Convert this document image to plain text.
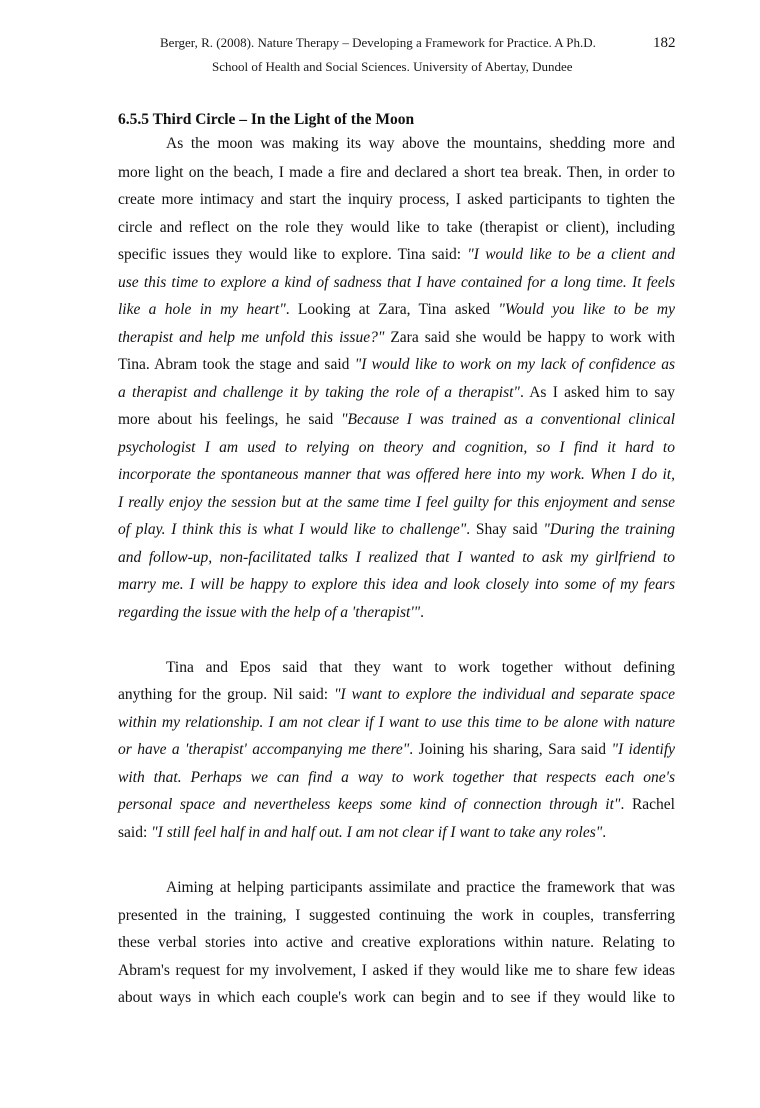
Berger, R. (2008). Nature Therapy – Developing a Framework for Practice. A Ph.D.	182
School of Health and Social Sciences. University of Abertay, Dundee
6.5.5 Third Circle – In the Light of the Moon
As the moon was making its way above the mountains, shedding more and
more light on the beach, I made a fire and declared a short tea break. Then, in order to
create more intimacy and start the inquiry process, I asked participants to tighten the
circle and reflect on the role they would like to take (therapist or client), including
specific issues they would like to explore. Tina said: "I would like to be a client and
use this time to explore a kind of sadness that I have contained for a long time. It feels
like a hole in my heart". Looking at Zara, Tina asked "Would you like to be my
therapist and help me unfold this issue?" Zara said she would be happy to work with
Tina. Abram took the stage and said "I would like to work on my lack of confidence as
a therapist and challenge it by taking the role of a therapist". As I asked him to say
more about his feelings, he said "Because I was trained as a conventional clinical
psychologist I am used to relying on theory and cognition, so I find it hard to
incorporate the spontaneous manner that was offered here into my work. When I do it,
I really enjoy the session but at the same time I feel guilty for this enjoyment and sense
of play. I think this is what I would like to challenge". Shay said "During the training
and follow-up, non-facilitated talks I realized that I wanted to ask my girlfriend to
marry me. I will be happy to explore this idea and look closely into some of my fears
regarding the issue with the help of a 'therapist'".
Tina and Epos said that they want to work together without defining
anything for the group. Nil said: "I want to explore the individual and separate space
within my relationship. I am not clear if I want to use this time to be alone with nature
or have a 'therapist' accompanying me there". Joining his sharing, Sara said "I identify
with that. Perhaps we can find a way to work together that respects each one's
personal space and nevertheless keeps some kind of connection through it". Rachel
said: "I still feel half in and half out. I am not clear if I want to take any roles".
Aiming at helping participants assimilate and practice the framework that was
presented in the training, I suggested continuing the work in couples, transferring
these verbal stories into active and creative explorations within nature. Relating to
Abram's request for my involvement, I asked if they would like me to share few ideas
about ways in which each couple's work can begin and to see if they would like to
